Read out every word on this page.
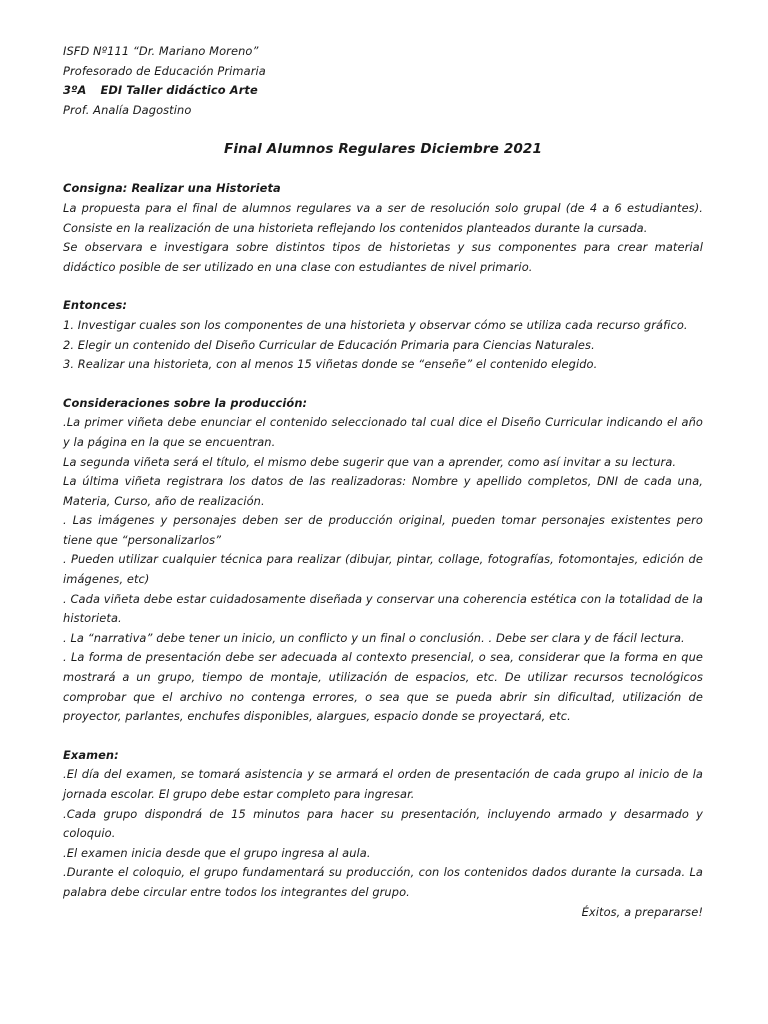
ISFD Nº111 “Dr. Mariano Moreno”

Profesorado de Educación Primaria

3ºA EDI Taller didáctico Arte

Prof. Analía Dagostino

Final Alumnos Regulares Diciembre 2021

Consigna: Realizar una Historieta

La propuesta para el final de alumnos regulares va a ser de resolución solo grupal (de 4 a 6 estudiantes). Consiste en la realización de una historieta reflejando los contenidos planteados durante la cursada.

Se observara e investigara sobre distintos tipos de historietas y sus componentes para crear material didáctico posible de ser utilizado en una clase con estudiantes de nivel primario.

Entonces:

1. Investigar cuales son los componentes de una historieta y observar cómo se utiliza cada recurso gráfico.

2. Elegir un contenido del Diseño Curricular de Educación Primaria para Ciencias Naturales.

3. Realizar una historieta, con al menos 15 viñetas donde se “enseñe” el contenido elegido.

Consideraciones sobre la producción:

.La primer viñeta debe enunciar el contenido seleccionado tal cual dice el Diseño Curricular indicando el año y la página en la que se encuentran.

La segunda viñeta será el título, el mismo debe sugerir que van a aprender, como así invitar a su lectura.

La última viñeta registrara los datos de las realizadoras: Nombre y apellido completos, DNI de cada una, Materia, Curso, año de realización.

. Las imágenes y personajes deben ser de producción original, pueden tomar personajes existentes pero tiene que “personalizarlos”

. Pueden utilizar cualquier técnica para realizar (dibujar, pintar, collage, fotografías, fotomontajes, edición de imágenes, etc)

. Cada viñeta debe estar cuidadosamente diseñada y conservar una coherencia estética con la totalidad de la historieta.

. La “narrativa” debe tener un inicio, un conflicto y un final o conclusión. . Debe ser clara y de fácil lectura.

. La forma de presentación debe ser adecuada al contexto presencial, o sea, considerar que la forma en que mostrará a un grupo, tiempo de montaje, utilización de espacios, etc. De utilizar recursos tecnológicos comprobar que el archivo no contenga errores, o sea que se pueda abrir sin dificultad, utilización de proyector, parlantes, enchufes disponibles, alargues, espacio donde se proyectará, etc.

Examen:

.El día del examen, se tomará asistencia y se armará el orden de presentación de cada grupo al inicio de la jornada escolar. El grupo debe estar completo para ingresar.

.Cada grupo dispondrá de 15 minutos para hacer su presentación, incluyendo armado y desarmado y coloquio.

.El examen inicia desde que el grupo ingresa al aula.

.Durante el coloquio, el grupo fundamentará su producción, con los contenidos dados durante la cursada. La palabra debe circular entre todos los integrantes del grupo.

Éxitos, a prepararse!
